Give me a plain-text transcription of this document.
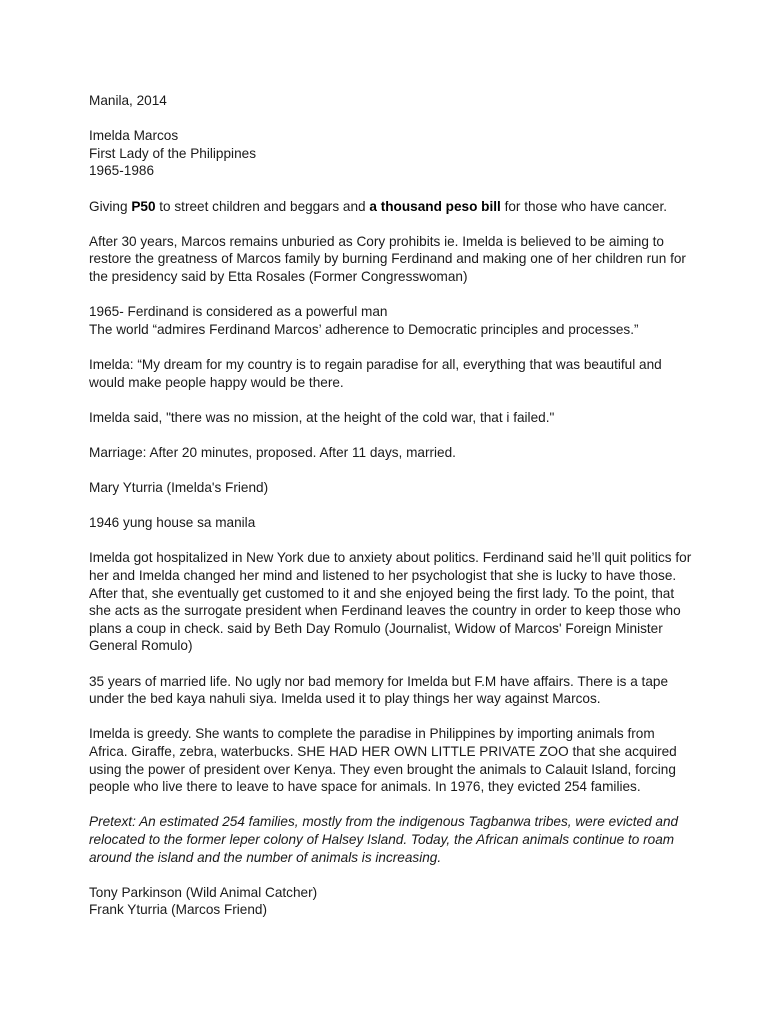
Manila, 2014

Imelda Marcos
First Lady of the Philippines
1965-1986

Giving P50 to street children and beggars and a thousand peso bill for those who have cancer.

After 30 years, Marcos remains unburied as Cory prohibits ie. Imelda is believed to be aiming to restore the greatness of Marcos family by burning Ferdinand and making one of her children run for the presidency said by Etta Rosales (Former Congresswoman)

1965- Ferdinand is considered as a powerful man
The world “admires Ferdinand Marcos’ adherence to Democratic principles and processes.”

Imelda: “My dream for my country is to regain paradise for all, everything that was beautiful and would make people happy would be there.

Imelda said, "there was no mission, at the height of the cold war, that i failed."

Marriage: After 20 minutes, proposed. After 11 days, married.

Mary Yturria (Imelda's Friend)

1946 yung house sa manila

Imelda got hospitalized in New York due to anxiety about politics. Ferdinand said he’ll quit politics for her and Imelda changed her mind and listened to her psychologist that she is lucky to have those. After that, she eventually get customed to it and she enjoyed being the first lady. To the point, that she acts as the surrogate president when Ferdinand leaves the country in order to keep those who plans a coup in check. said by Beth Day Romulo (Journalist, Widow of Marcos' Foreign Minister General Romulo)

35 years of married life. No ugly nor bad memory for Imelda but F.M have affairs. There is a tape under the bed kaya nahuli siya. Imelda used it to play things her way against Marcos.

Imelda is greedy. She wants to complete the paradise in Philippines by importing animals from Africa. Giraffe, zebra, waterbucks. SHE HAD HER OWN LITTLE PRIVATE ZOO that she acquired using the power of president over Kenya. They even brought the animals to Calauit Island, forcing people who live there to leave to have space for animals. In 1976, they evicted 254 families.

Pretext: An estimated 254 families, mostly from the indigenous Tagbanwa tribes, were evicted and relocated to the former leper colony of Halsey Island. Today, the African animals continue to roam around the island and the number of animals is increasing.

Tony Parkinson (Wild Animal Catcher)
Frank Yturria (Marcos Friend)
